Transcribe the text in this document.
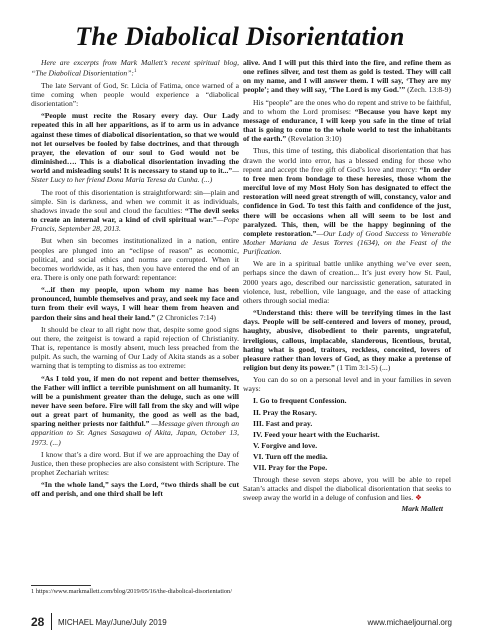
The Diabolical Disorientation

Here are excerpts from Mark Mallett’s recent spiritual blog, “The Diabolical Disorientation”:$^1$

The late Servant of God, Sr. Lúcia of Fatima, once warned of a time coming when people would experience a “diabolical disorientation”:

“People must recite the Rosary every day. Our Lady repeated this in all her apparitions, as if to arm us in advance against these times of diabolical disorientation, so that we would not let ourselves be fooled by false doctrines, and that through prayer, the elevation of our soul to God would not be diminished…. This is a diabolical disorientation invading the world and misleading souls! It is necessary to stand up to it...”—Sister Lucy to her friend Dona Maria Teresa da Cunha. (...)

The root of this disorientation is straightforward: sin—plain and simple. Sin is darkness, and when we commit it as individuals, shadows invade the soul and cloud the faculties: “The devil seeks to create an internal war, a kind of civil spiritual war.”—Pope Francis, September 28, 2013.

But when sin becomes institutionalized in a nation, entire peoples are plunged into an “eclipse of reason” as economic, political, and social ethics and norms are corrupted. When it becomes worldwide, as it has, then you have entered the end of an era. There is only one path forward: repentance:

“...if then my people, upon whom my name has been pronounced, humble themselves and pray, and seek my face and turn from their evil ways, I will hear them from heaven and pardon their sins and heal their land.” (2 Chronicles 7:14)

It should be clear to all right now that, despite some good signs out there, the zeitgeist is toward a rapid rejection of Christianity. That is, repentance is mostly absent, much less preached from the pulpit. As such, the warning of Our Lady of Akita stands as a sober warning that is tempting to dismiss as too extreme:

“As I told you, if men do not repent and better themselves, the Father will inflict a terrible punishment on all humanity. It will be a punishment greater than the deluge, such as one will never have seen before. Fire will fall from the sky and will wipe out a great part of humanity, the good as well as the bad, sparing neither priests nor faithful.” —Message given through an apparition to Sr. Agnes Sasagawa of Akita, Japan, October 13, 1973. (...)

I know that’s a dire word. But if we are approaching the Day of Justice, then these prophecies are also consistent with Scripture. The prophet Zechariah writes:

“In the whole land,” says the Lord, “two thirds shall be cut off and perish, and one third shall be left

alive. And I will put this third into the fire, and refine them as one refines silver, and test them as gold is tested. They will call on my name, and I will answer them. I will say, ‘They are my people’; and they will say, ‘The Lord is my God.’” (Zech. 13:8-9)

His “people” are the ones who do repent and strive to be faithful, and to whom the Lord promises: “Because you have kept my message of endurance, I will keep you safe in the time of trial that is going to come to the whole world to test the inhabitants of the earth.” (Revelation 3:10)

Thus, this time of testing, this diabolical disorientation that has drawn the world into error, has a blessed ending for those who repent and accept the free gift of God’s love and mercy: “In order to free men from bondage to these heresies, those whom the merciful love of my Most Holy Son has designated to effect the restoration will need great strength of will, constancy, valor and confidence in God. To test this faith and confidence of the just, there will be occasions when all will seem to be lost and paralyzed. This, then, will be the happy beginning of the complete restoration.”—Our Lady of Good Success to Venerable Mother Mariana de Jesus Torres (1634), on the Feast of the Purification.

We are in a spiritual battle unlike anything we’ve ever seen, perhaps since the dawn of creation... It’s just every how St. Paul, 2000 years ago, described our narcissistic generation, saturated in violence, lust, rebellion, vile language, and the ease of attacking others through social media:

“Understand this: there will be terrifying times in the last days. People will be self-centered and lovers of money, proud, haughty, abusive, disobedient to their parents, ungrateful, irreligious, callous, implacable, slanderous, licentious, brutal, hating what is good, traitors, reckless, conceited, lovers of pleasure rather than lovers of God, as they make a pretense of religion but deny its power.” (1 Tim 3:1-5) (...)

You can do so on a personal level and in your families in seven ways:

I. Go to frequent Confession.

II. Pray the Rosary.

III. Fast and pray.

IV. Feed your heart with the Eucharist.

V. Forgive and love.

VI. Turn off the media.

VII. Pray for the Pope.

Through these seven steps above, you will be able to repel Satan’s attacks and dispel the diabolical disorientation that seeks to sweep away the world in a deluge of confusion and lies. ❖

Mark Mallett
1 https://www.markmallett.com/blog/2019/05/16/the-diabolical-disorientation/
28 MICHAEL May/June/July 2019	www.michaeljournal.org
